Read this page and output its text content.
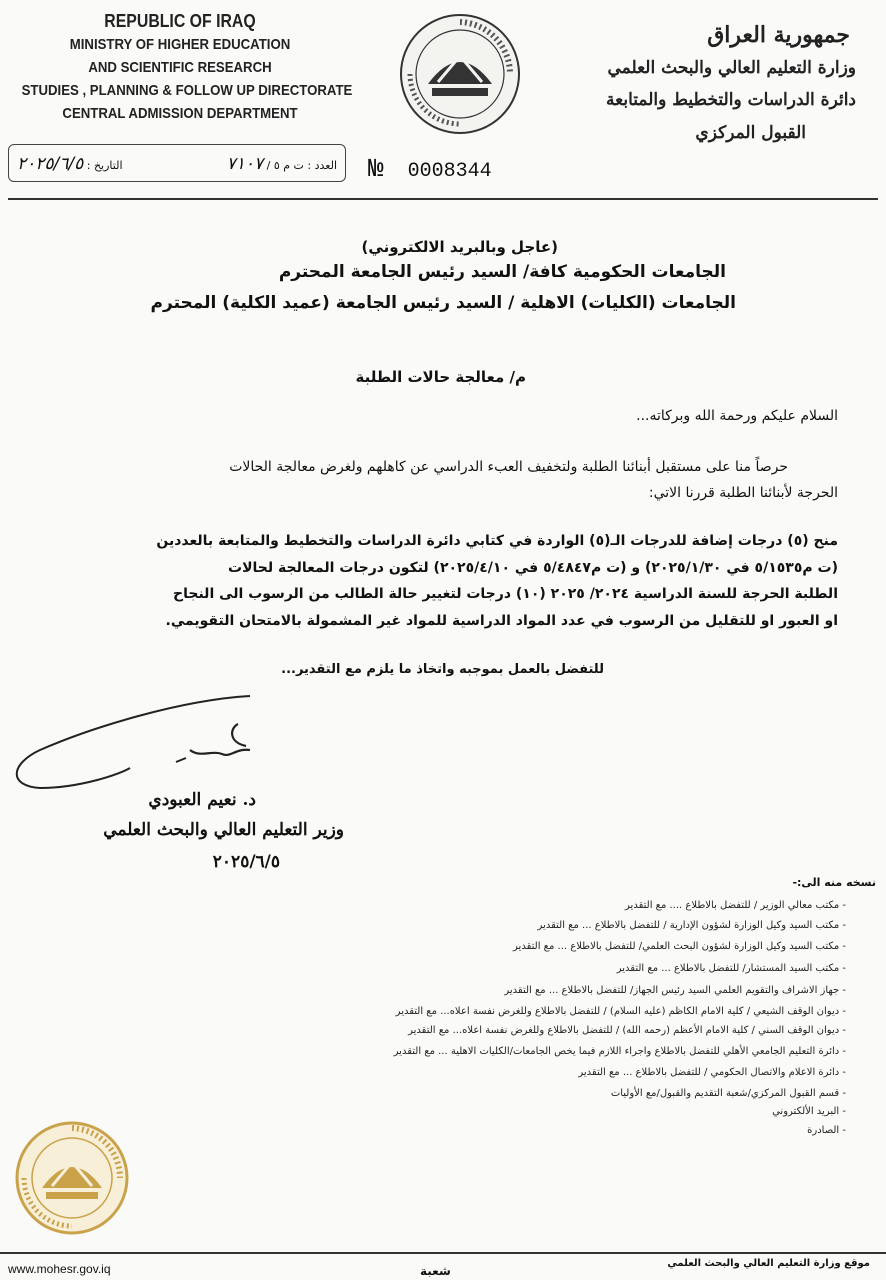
REPUBLIC OF IRAQ
MINISTRY OF HIGHER EDUCATION
AND SCIENTIFIC RESEARCH
STUDIES , PLANNING & FOLLOW UP DIRECTORATE
CENTRAL ADMISSION DEPARTMENT
جمهورية العراق
وزارة التعليم العالي والبحث العلمي
دائرة الدراسات والتخطيط والمتابعة
القبول المركزي
العدد : ت م ٥ / ٧١٠٧
التاريخ : ٢٠٢٥/٦/٥	№ 0008344
(عاجل وبالبريد الالكتروني)
الجامعات الحكومية كافة/ السيد رئيس الجامعة المحترم
الجامعات (الكليات) الاهلية / السيد رئيس الجامعة (عميد الكلية) المحترم
م/ معالجة حالات الطلبة
السلام عليكم ورحمة الله وبركاته...
حرصاً منا على مستقبل أبنائنا الطلبة ولتخفيف العبء الدراسي عن كاهلهم ولغرض معالجة الحالات
الحرجة لأبنائنا الطلبة قررنا الاتي:
منح (٥) درجات إضافة للدرجات الـ(٥) الواردة في كتابي دائرة الدراسات والتخطيط والمتابعة بالعددين
(ت م٥/١٥٣٥ في ٢٠٢٥/١/٣٠) و (ت م٥/٤٨٤٧ في ٢٠٢٥/٤/١٠) لتكون درجات المعالجة لحالات
الطلبة الحرجة للسنة الدراسية ٢٠٢٤/ ٢٠٢٥ (١٠) درجات لتغيير حالة الطالب من الرسوب الى النجاح
او العبور او للتقليل من الرسوب في عدد المواد الدراسية للمواد غير المشمولة بالامتحان التقويمي.
للتفضل بالعمل بموجبه واتخاذ ما يلزم مع التقدير...
د. نعيم العبودي
وزير التعليم العالي والبحث العلمي
٢٠٢٥/٦/٥
نسخه منه الى:-
- مكتب معالي الوزير / للتفضل بالاطلاع .... مع التقدير
- مكتب السيد وكيل الوزارة لشؤون الإدارية / للتفضل بالاطلاع ... مع التقدير
- مكتب السيد وكيل الوزارة لشؤون البحث العلمي/ للتفضل بالاطلاع ... مع التقدير
- مكتب السيد المستشار/ للتفضل بالاطلاع ... مع التقدير
- جهاز الاشراف والتقويم العلمي السيد رئيس الجهاز/ للتفضل بالاطلاع ... مع التقدير
- ديوان الوقف الشيعي / كلية الامام الكاظم (عليه السلام) / للتفضل بالاطلاع وللغرض نفسة اعلاه... مع التقدير
- ديوان الوقف السني / كلية الامام الأعظم (رحمه الله) / للتفضل بالاطلاع وللغرض نفسة اعلاه... مع التقدير
- دائرة التعليم الجامعي الأهلي للتفضل بالاطلاع واجراء اللازم فيما يخص الجامعات/الكليات الاهلية ... مع التقدير
- دائرة الاعلام والاتصال الحكومي / للتفضل بالاطلاع ... مع التقدير
- قسم القبول المركزي/شعبة التقديم والقبول/مع الأوليات
- البريد الألكتروني
- الصادرة
www.mohesr.gov.iq	شعبة
موقع وزارة التعليم العالي والبحث العلمي
